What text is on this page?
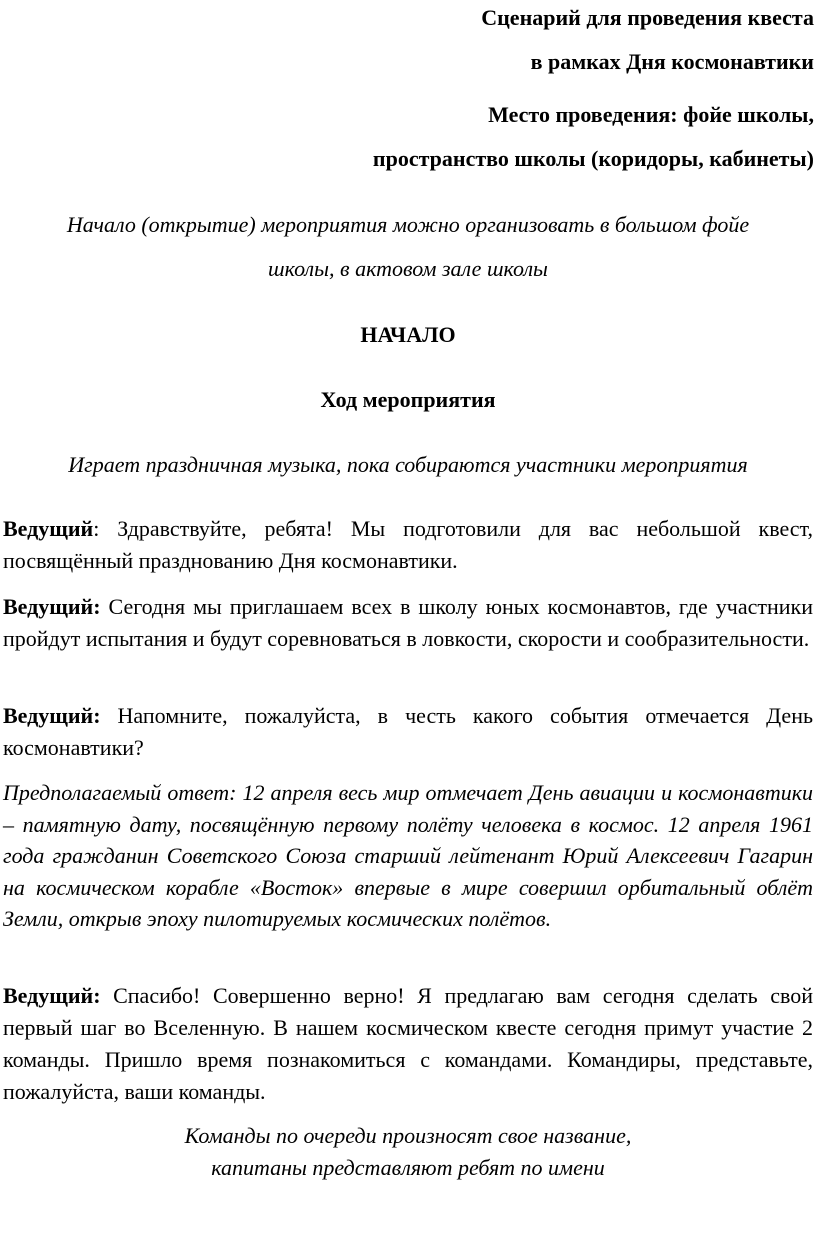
Сценарий для проведения квеста
в рамках Дня космонавтики
Место проведения: фойе школы,
пространство школы (коридоры, кабинеты)
Начало (открытие) мероприятия можно организовать в большом фойе
школы, в актовом зале школы
НАЧАЛО
Ход мероприятия
Играет праздничная музыка, пока собираются участники мероприятия

Ведущий: Здравствуйте, ребята! Мы подготовили для вас небольшой квест, посвящённый празднованию Дня космонавтики.

Ведущий: Сегодня мы приглашаем всех в школу юных космонавтов, где участники пройдут испытания и будут соревноваться в ловкости, скорости и сообразительности.

Ведущий: Напомните, пожалуйста, в честь какого события отмечается День космонавтики?

Предполагаемый ответ: 12 апреля весь мир отмечает День авиации и космонавтики – памятную дату, посвящённую первому полёту человека в космос. 12 апреля 1961 года гражданин Советского Союза старший лейтенант Юрий Алексеевич Гагарин на космическом корабле «Восток» впервые в мире совершил орбитальный облёт Земли, открыв эпоху пилотируемых космических полётов.

Ведущий: Спасибо! Совершенно верно! Я предлагаю вам сегодня сделать свой первый шаг во Вселенную. В нашем космическом квесте сегодня примут участие 2 команды. Пришло время познакомиться с командами. Командиры, представьте, пожалуйста, ваши команды.

Команды по очереди произносят свое название,
капитаны представляют ребят по имени
